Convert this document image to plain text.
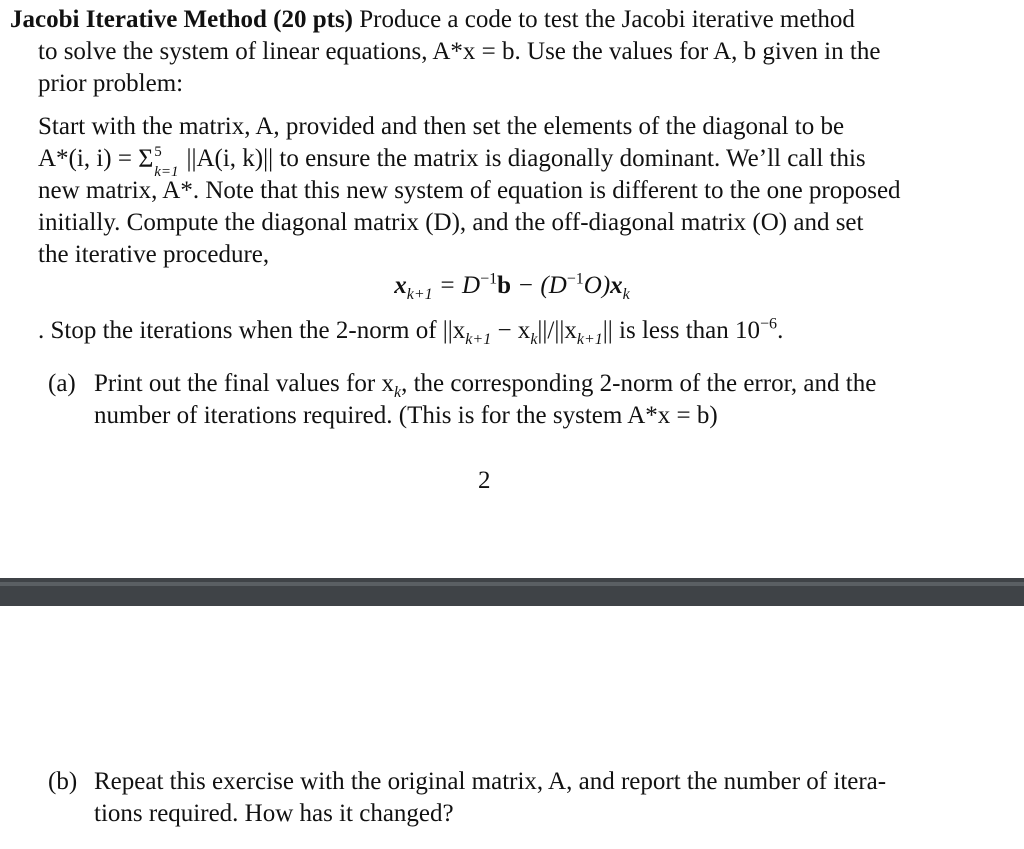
Jacobi Iterative Method (20 pts) Produce a code to test the Jacobi iterative method
to solve the system of linear equations, A*x = b. Use the values for A, b given in the
prior problem:
Start with the matrix, A, provided and then set the elements of the diagonal to be
A*(i, i) = Σ 5
k=1 ||A(i, k)|| to ensure the matrix is diagonally dominant. We’ll call this
new matrix, A*. Note that this new system of equation is different to the one proposed
initially. Compute the diagonal matrix (D), and the off-diagonal matrix (O) and set
the iterative procedure,
$x_{k+1} = D^{-1}b - (D^{-1}O)x_k$
. Stop the iterations when the 2-norm of $||x_{k+1} - x_k||/||x_{k+1}||$ is less than $10^{-6}$.
(a) Print out the final values for $x_k$, the corresponding 2-norm of the error, and the
number of iterations required. (This is for the system A*x = b)
2
(b) Repeat this exercise with the original matrix, A, and report the number of itera-
tions required. How has it changed?
